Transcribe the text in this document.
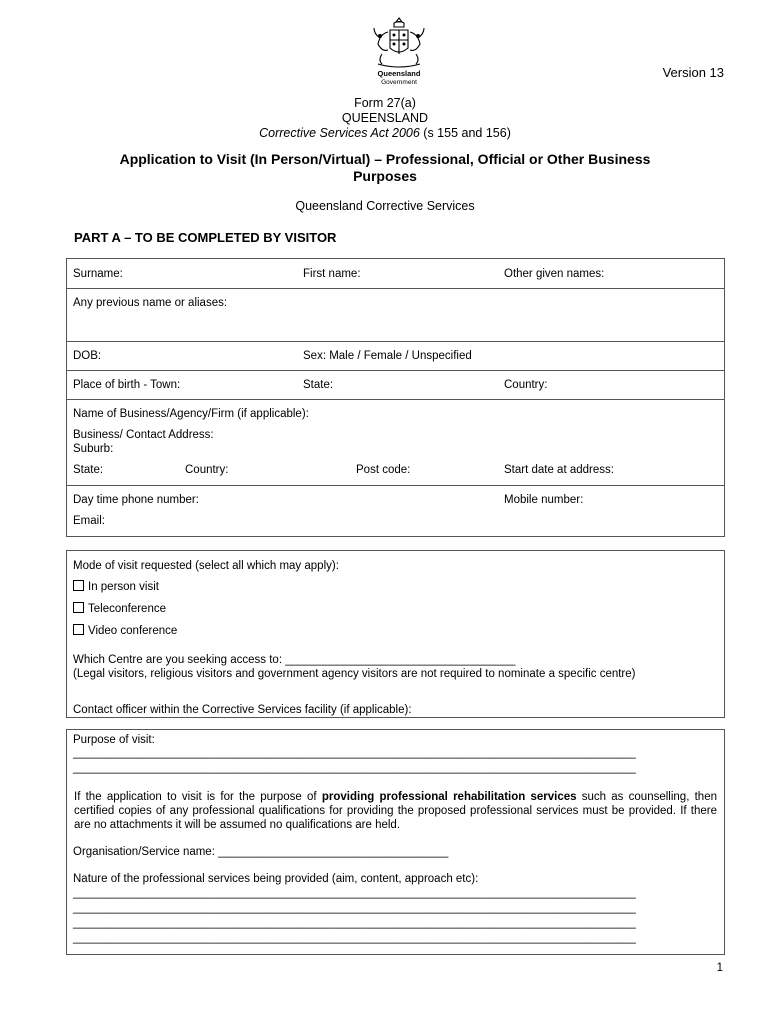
Queensland
Government
Version 13
Form 27(a)
QUEENSLAND
Corrective Services Act 2006 (s 155 and 156)
Application to Visit (In Person/Virtual) – Professional, Official or Other Business
Purposes
Queensland Corrective Services
PART A – TO BE COMPLETED BY VISITOR
Surname:	First name:	Other given names:
Any previous name or aliases:
DOB:	Sex: Male / Female / Unspecified
Place of birth - Town:	State:	Country:
Name of Business/Agency/Firm (if applicable):
Business/ Contact Address:
Suburb:
State:	Country:	Post code:	Start date at address:
Day time phone number:	Mobile number:
Email:
Mode of visit requested (select all which may apply):
In person visit
Teleconference
Video conference
Which Centre are you seeking access to: ____________________________________
(Legal visitors, religious visitors and government agency visitors are not required to nominate a specific centre)
Contact officer within the Corrective Services facility (if applicable):
Purpose of visit:
________________________________________________________________________________________
________________________________________________________________________________________
If the application to visit is for the purpose of providing professional rehabilitation services such as counselling, then certified copies of any professional qualifications for providing the proposed professional services must be provided. If there are no attachments it will be assumed no qualifications are held.
Organisation/Service name: ____________________________________
Nature of the professional services being provided (aim, content, approach etc):
________________________________________________________________________________________
________________________________________________________________________________________
________________________________________________________________________________________
________________________________________________________________________________________
1
